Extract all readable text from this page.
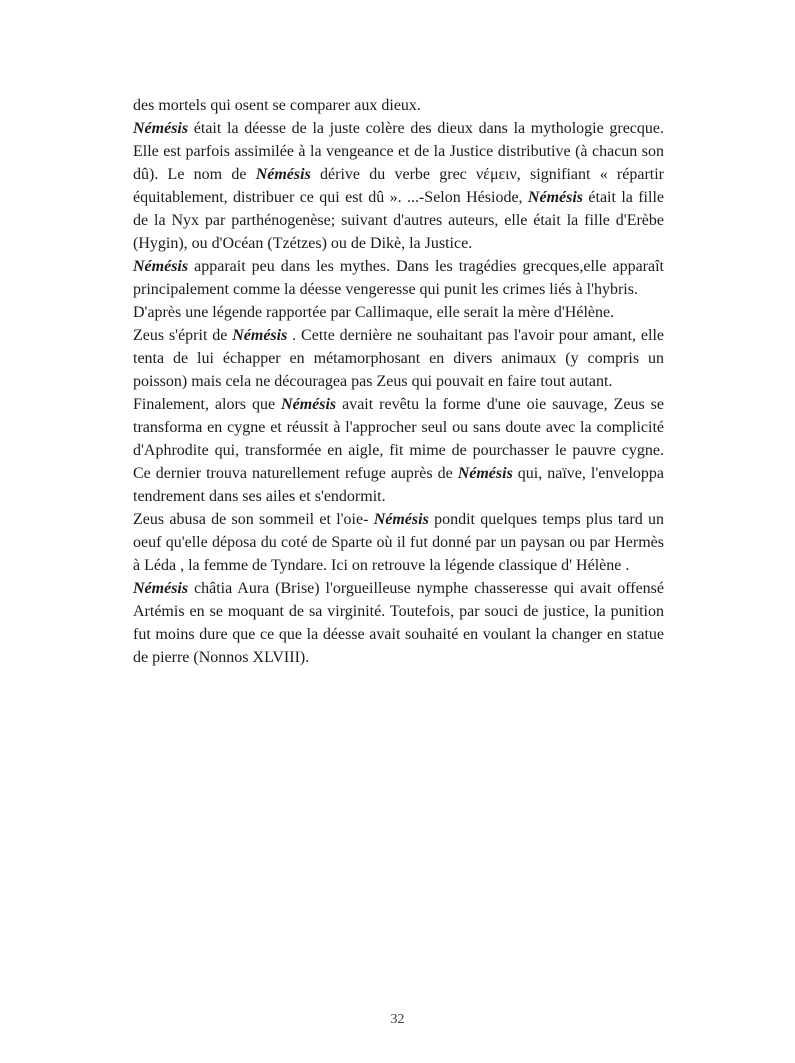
des mortels qui osent se comparer aux dieux.

Némésis était la déesse de la juste colère des dieux dans la mythologie grecque. Elle est parfois assimilée à la vengeance et de la Justice distributive (à chacun son dû). Le nom de Némésis dérive du verbe grec νέμειν, signifiant « répartir équitablement, distribuer ce qui est dû ». ...-Selon Hésiode, Némésis était la fille de la Nyx par parthénogenèse; suivant d'autres auteurs, elle était la fille d'Erèbe (Hygin), ou d'Océan (Tzétzes) ou de Dikè, la Justice.

Némésis apparait peu dans les mythes. Dans les tragédies grecques,elle apparaît principalement comme la déesse vengeresse qui punit les crimes liés à l'hybris.

D'après une légende rapportée par Callimaque, elle serait la mère d'Hélène.

Zeus s'éprit de Némésis . Cette dernière ne souhaitant pas l'avoir pour amant, elle tenta de lui échapper en métamorphosant en divers animaux (y compris un poisson) mais cela ne découragea pas Zeus qui pouvait en faire tout autant.

Finalement, alors que Némésis avait revêtu la forme d'une oie sauvage, Zeus se transforma en cygne et réussit à l'approcher seul ou sans doute avec la complicité d'Aphrodite qui, transformée en aigle, fit mime de pourchasser le pauvre cygne. Ce dernier trouva naturellement refuge auprès de Némésis qui, naïve, l'enveloppa tendrement dans ses ailes et s'endormit.

Zeus abusa de son sommeil et l'oie- Némésis pondit quelques temps plus tard un oeuf qu'elle déposa du coté de Sparte où il fut donné par un paysan ou par Hermès à Léda , la femme de Tyndare. Ici on retrouve la légende classique d' Hélène .

Némésis châtia Aura (Brise) l'orgueilleuse nymphe chasseresse qui avait offensé Artémis en se moquant de sa virginité. Toutefois, par souci de justice, la punition fut moins dure que ce que la déesse avait souhaité en voulant la changer en statue de pierre (Nonnos XLVIII).

32
